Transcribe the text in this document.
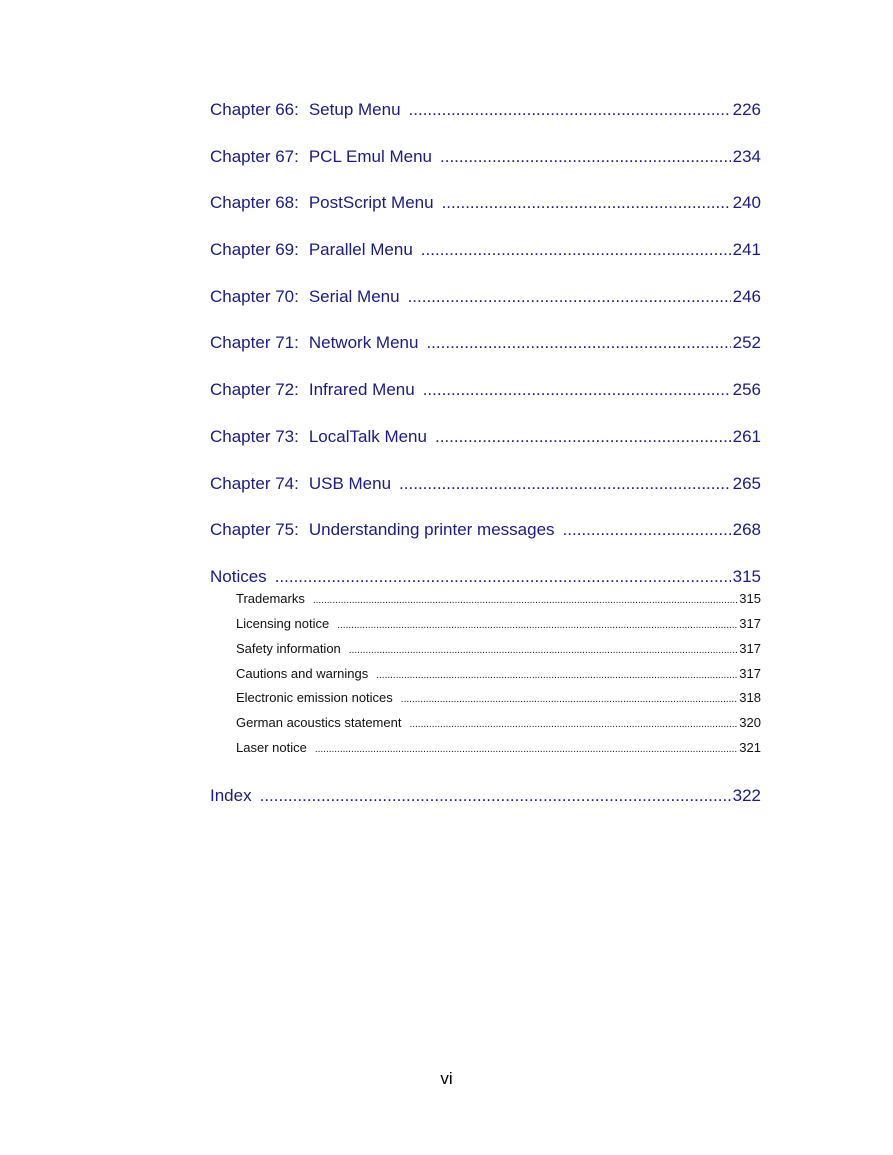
Chapter 66: Setup Menu .....	226
Chapter 67: PCL Emul Menu .....	234
Chapter 68: PostScript Menu .....	240
Chapter 69: Parallel Menu .....	241
Chapter 70: Serial Menu .....	246
Chapter 71: Network Menu .....	252
Chapter 72: Infrared Menu .....	256
Chapter 73: LocalTalk Menu .....	261
Chapter 74: USB Menu .....	265
Chapter 75: Understanding printer messages .....	268
Notices .....	315
Trademarks .....	315
Licensing notice .....	317
Safety information .....	317
Cautions and warnings .....	317
Electronic emission notices .....	318
German acoustics statement .....	320
Laser notice .....	321
Index .....	322
vi
